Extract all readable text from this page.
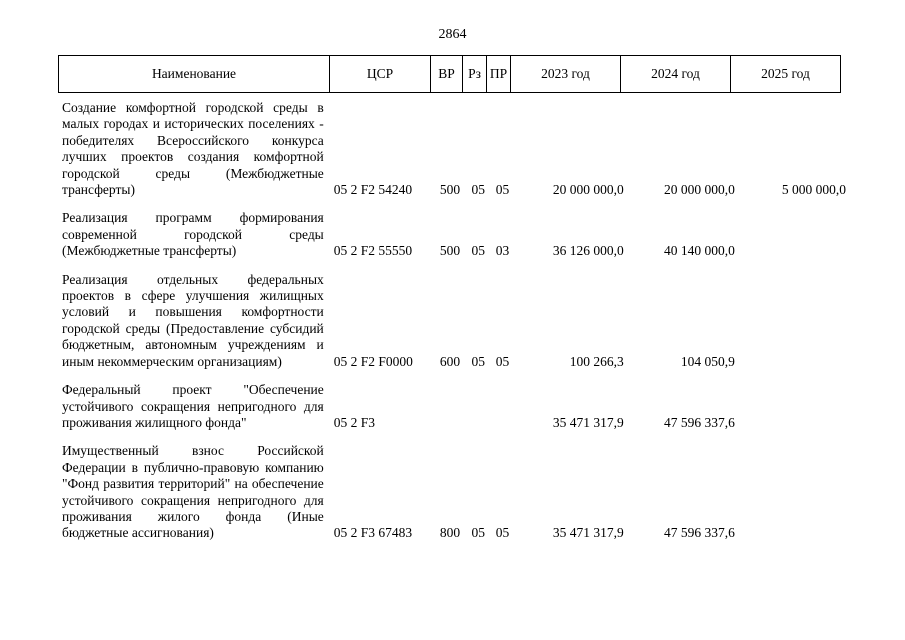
2864
Наименование	ЦСР	ВР	Рз	ПР	2023 год	2024 год	2025 год
Создание комфортной городской среды в малых городах и исторических поселениях - победителях Всероссийского конкурса лучших проектов создания комфортной городской среды (Межбюджетные трансферты)	05 2 F2 54240	500	05	05	20 000 000,0	20 000 000,0	5 000 000,0
Реализация программ формирования современной городской среды (Межбюджетные трансферты)	05 2 F2 55550	500	05	03	36 126 000,0	40 140 000,0	
Реализация отдельных федеральных проектов в сфере улучшения жилищных условий и повышения комфортности городской среды (Предоставление субсидий бюджетным, автономным учреждениям и иным некоммерческим организациям)	05 2 F2 F0000	600	05	05	100 266,3	104 050,9	
Федеральный проект "Обеспечение устойчивого сокращения непригодного для проживания жилищного фонда"	05 2 F3				35 471 317,9	47 596 337,6	
Имущественный взнос Российской Федерации в публично-правовую компанию "Фонд развития территорий" на обеспечение устойчивого сокращения непригодного для проживания жилого фонда (Иные бюджетные ассигнования)	05 2 F3 67483	800	05	05	35 471 317,9	47 596 337,6	
